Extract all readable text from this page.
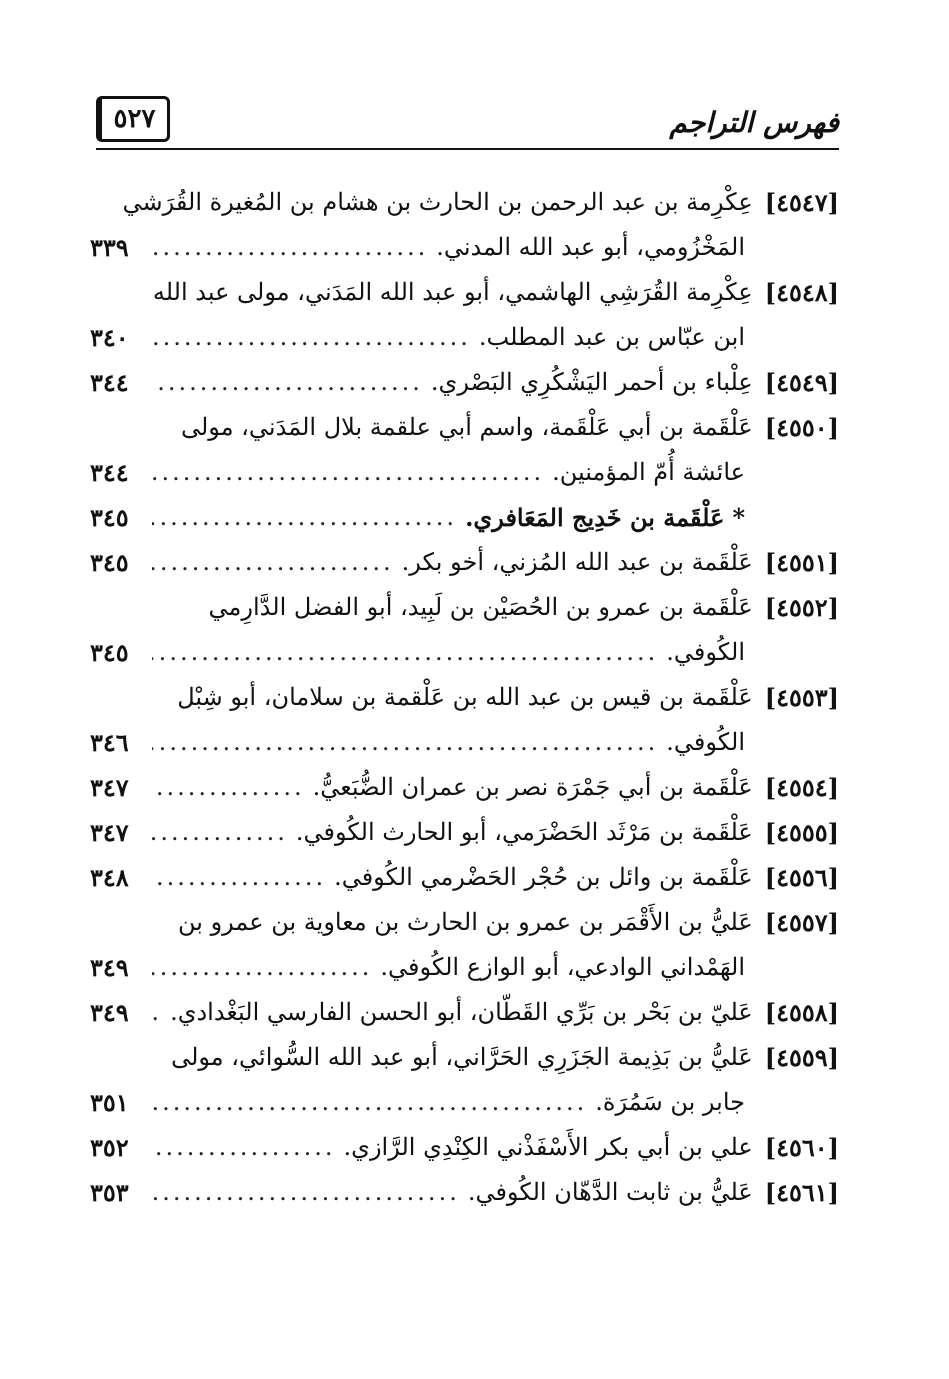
فهرس التراجم
٥٢٧
[٤٥٤٧]
عِكْرِمة بن عبد الرحمن بن الحارث بن هشام بن المُغيرة القُرَشي
المَخْزُومي، أبو عبد الله المدني.
.....
٣٣٩
[٤٥٤٨]
عِكْرِمة القُرَشِي الهاشمي، أبو عبد الله المَدَني، مولى عبد الله
ابن عبّاس بن عبد المطلب.
.....
٣٤٠
[٤٥٤٩]
عِلْباء بن أحمر اليَشْكُرِي البَصْري.
.....
٣٤٤
[٤٥٥٠]
عَلْقَمة بن أبي عَلْقَمة، واسم أبي علقمة بلال المَدَني، مولى
عائشة أُمّ المؤمنين.
.....
٣٤٤
*
عَلْقَمة بن خَدِيج المَعَافري.
.....
٣٤٥
[٤٥٥١]
عَلْقَمة بن عبد الله المُزني، أخو بكر.
.....
٣٤٥
[٤٥٥٢]
عَلْقَمة بن عمرو بن الحُصَيْن بن لَبِيد، أبو الفضل الدَّارِمي
الكُوفي.
.....
٣٤٥
[٤٥٥٣]
عَلْقَمة بن قيس بن عبد الله بن عَلْقمة بن سلامان، أبو شِبْل
الكُوفي.
.....
٣٤٦
[٤٥٥٤]
عَلْقَمة بن أبي جَمْرَة نصر بن عمران الضُّبَعيُّ.
.....
٣٤٧
[٤٥٥٥]
عَلْقَمة بن مَرْثَد الحَضْرَمي، أبو الحارث الكُوفي.
.....
٣٤٧
[٤٥٥٦]
عَلْقَمة بن وائل بن حُجْر الحَضْرمي الكُوفي.
.....
٣٤٨
[٤٥٥٧]
عَليُّ بن الأَقْمَر بن عمرو بن الحارث بن معاوية بن عمرو بن
الهَمْداني الوادعي، أبو الوازع الكُوفي.
.....
٣٤٩
[٤٥٥٨]
عَليّ بن بَحْر بن بَرِّي القَطّان، أبو الحسن الفارسي البَغْدادي.
.....
٣٤٩
[٤٥٥٩]
عَليُّ بن بَذِيمة الجَزَرِي الحَرَّاني، أبو عبد الله السُّوائي، مولى
جابر بن سَمُرَة.
.....
٣٥١
[٤٥٦٠]
علي بن أبي بكر الأَسْفَذْني الكِنْدِي الرَّازي.
.....
٣٥٢
[٤٥٦١]
عَليُّ بن ثابت الدَّهّان الكُوفي.
.....
٣٥٣
